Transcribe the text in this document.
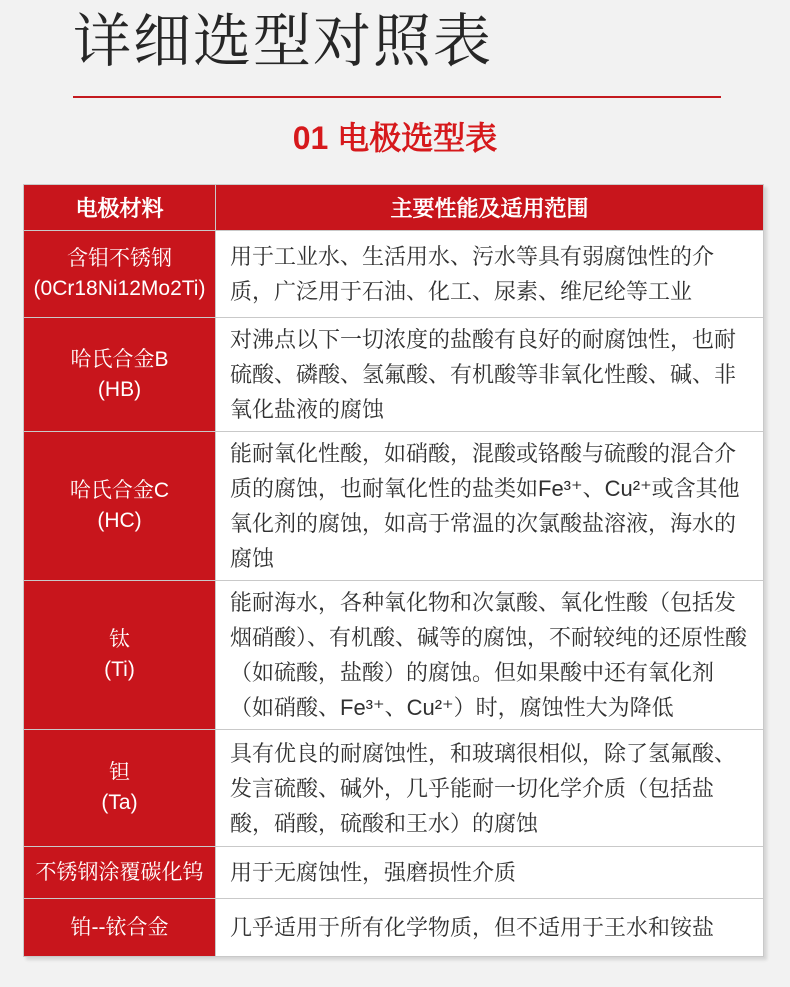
详细选型对照表
01 电极选型表
电极材料	主要性能及适用范围

含钼不锈钢
(0Cr18Ni12Mo2Ti)	用于工业水、生活用水、污水等具有弱腐蚀性的介质，广泛用于石油、化工、尿素、维尼纶等工业

哈氏合金B
(HB)	对沸点以下一切浓度的盐酸有良好的耐腐蚀性，也耐硫酸、磷酸、氢氟酸、有机酸等非氧化性酸、碱、非氧化盐液的腐蚀

哈氏合金C
(HC)	能耐氧化性酸，如硝酸，混酸或铬酸与硫酸的混合介质的腐蚀，也耐氧化性的盐类如Fe³⁺、Cu²⁺或含其他氧化剂的腐蚀，如高于常温的次氯酸盐溶液，海水的腐蚀

钛
(Ti)	能耐海水，各种氧化物和次氯酸、氧化性酸（包括发烟硝酸）、有机酸、碱等的腐蚀，不耐较纯的还原性酸（如硫酸，盐酸）的腐蚀。但如果酸中还有氧化剂（如硝酸、Fe³⁺、Cu²⁺）时，腐蚀性大为降低

钽
(Ta)	具有优良的耐腐蚀性，和玻璃很相似，除了氢氟酸、发言硫酸、碱外，几乎能耐一切化学介质（包括盐酸，硝酸，硫酸和王水）的腐蚀

不锈钢涂覆碳化钨	用于无腐蚀性，强磨损性介质

铂--铱合金	几乎适用于所有化学物质，但不适用于王水和铵盐
